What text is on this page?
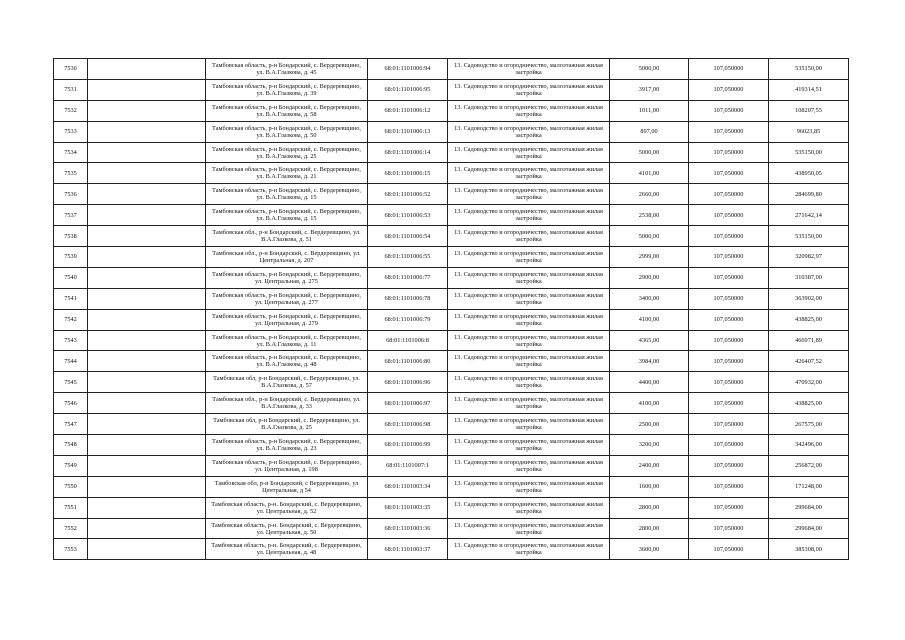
7530		Тамбовская область, р-н Бондарский, с. Вердеревщино, ул. В.А.Глазкова, д. 45	68:01:1101006:94	13. Садоводство и огородничество, малоэтажная жилая застройка	5000,00	107,050000	535150,00
7531		Тамбовская область, р-н Бондарский, с. Вердеревщино, ул. В.А.Глазкова, д. 39	68:01:1101006:95	13. Садоводство и огородничество, малоэтажная жилая застройка	3917,00	107,050000	419314,51
7532		Тамбовская область, р-н Бондарский, с. Вердеревщино, ул. В.А.Глазкова, д. 58	68:01:1101006:12	13. Садоводство и огородничество, малоэтажная жилая застройка	1011,00	107,050000	108207,55
7533		Тамбовская область, р-н Бондарский, с. Вердеревщино, ул. В.А.Глазкова, д. 50	68:01:1101006:13	13. Садоводство и огородничество, малоэтажная жилая застройка	897,00	107,050000	96023,85
7534		Тамбовская область, р-н Бондарский, с. Вердеревщино, ул. В.А.Глазкова, д. 25	68:01:1101006:14	13. Садоводство и огородничество, малоэтажная жилая застройка	5000,00	107,050000	535150,00
7535		Тамбовская область, р-н Бондарский, с. Вердеревщино, ул. В.А.Глазкова, д. 21	68:01:1101006:15	13. Садоводство и огородничество, малоэтажная жилая застройка	4101,00	107,050000	438950,05
7536		Тамбовская область, р-н Бондарский, с. Вердеревщино, ул. В.А.Глазкова, д. 15	68:01:1101006:52	13. Садоводство и огородничество, малоэтажная жилая застройка	2660,00	107,050000	284699,80
7537		Тамбовская область, р-н Бондарский, с. Вердеревщино, ул. В.А.Глазкова, д. 15	68:01:1101006:53	13. Садоводство и огородничество, малоэтажная жилая застройка	2538,00	107,050000	271642,14
7538		Тамбовская обл., р-н Бондарский, с. Вердеревщино, ул. В.А.Глазкова, д. 51	68:01:1101006:54	13. Садоводство и огородничество, малоэтажная жилая застройка	5000,00	107,050000	535150,00
7539		Тамбовская обл., р-н Бондарский, с. Вердеревщино, ул. Центральная, д. 207	68:01:1101006:55	13. Садоводство и огородничество, малоэтажная жилая застройка	2999,00	107,050000	320982,97
7540		Тамбовская область, р-н Бондарский, с. Вердеревщино, ул. Центральная, д. 275	68:01:1101006:77	13. Садоводство и огородничество, малоэтажная жилая застройка	2900,00	107,050000	310387,00
7541		Тамбовская область, р-н Бондарский, с. Вердеревщино, ул. Центральная, д. 277	68:01:1101006:78	13. Садоводство и огородничество, малоэтажная жилая застройка	3400,00	107,050000	363902,00
7542		Тамбовская область, р-н Бондарский, с. Вердеревщино, ул. Центральная, д. 279	68:01:1101006:79	13. Садоводство и огородничество, малоэтажная жилая застройка	4100,00	107,050000	438825,00
7543		Тамбовская область, р-н Бондарский, с. Вердеревщино, ул. В.А.Глазкова, д. 11	68:01:1101006:8	13. Садоводство и огородничество, малоэтажная жилая застройка	4365,00	107,050000	466971,89
7544		Тамбовская область, р-н Бондарский, с. Вердеревщино, ул. В.А.Глазкова, д. 48	68:01:1101006:80	13. Садоводство и огородничество, малоэтажная жилая застройка	3984,00	107,050000	426407,52
7545		Тамбовская обл, р-н Бондарский, с. Вердеревщино, ул. В.А.Глазкова, д. 57	68:01:1101006:96	13. Садоводство и огородничество, малоэтажная жилая застройка	4400,00	107,050000	470932,00
7546		Тамбовская обл., р-н Бондарский, с. Вердеревщино, ул. В.А.Глазкова, д. 33	68:01:1101006:97	13. Садоводство и огородничество, малоэтажная жилая застройка	4100,00	107,050000	438825,00
7547		Тамбовская обл, р-н Бондарский, с. Вердеревщино, ул. В.А.Глазкова, д. 25	68:01:1101006:98	13. Садоводство и огородничество, малоэтажная жилая застройка	2500,00	107,050000	267575,00
7548		Тамбовская область, р-н Бондарский, с. Вердеревщино, ул. В.А.Глазкова, д. 23	68:01:1101006:99	13. Садоводство и огородничество, малоэтажная жилая застройка	3200,00	107,050000	342496,00
7549		Тамбовская область, р-н Бондарский, с. Вердеревщино, ул. Центральная, д. 198	68:01:1101007:1	13. Садоводство и огородничество, малоэтажная жилая застройка	2400,00	107,050000	256872,00
7550		Тамбовская обл, р-н Бондарский, с Вердеревщино, ул Центральная, д 54	68:01:1101003:34	13. Садоводство и огородничество, малоэтажная жилая застройка	1600,00	107,050000	171248,00
7551		Тамбовская область, р-н. Бондарский, с. Вердеревщино, ул. Центральная, д. 52	68:01:1101003:35	13. Садоводство и огородничество, малоэтажная жилая застройка	2800,00	107,050000	299684,00
7552		Тамбовская область, р-н. Бондарский, с. Вердеревщино, ул. Центральная, д. 50	68:01:1101003:36	13. Садоводство и огородничество, малоэтажная жилая застройка	2800,00	107,050000	299684,00
7553		Тамбовская область, р-н. Бондарский, с. Вердеревщино, ул. Центральная, д. 48	68:01:1101003:37	13. Садоводство и огородничество, малоэтажная жилая застройка	3600,00	107,050000	385308,00
